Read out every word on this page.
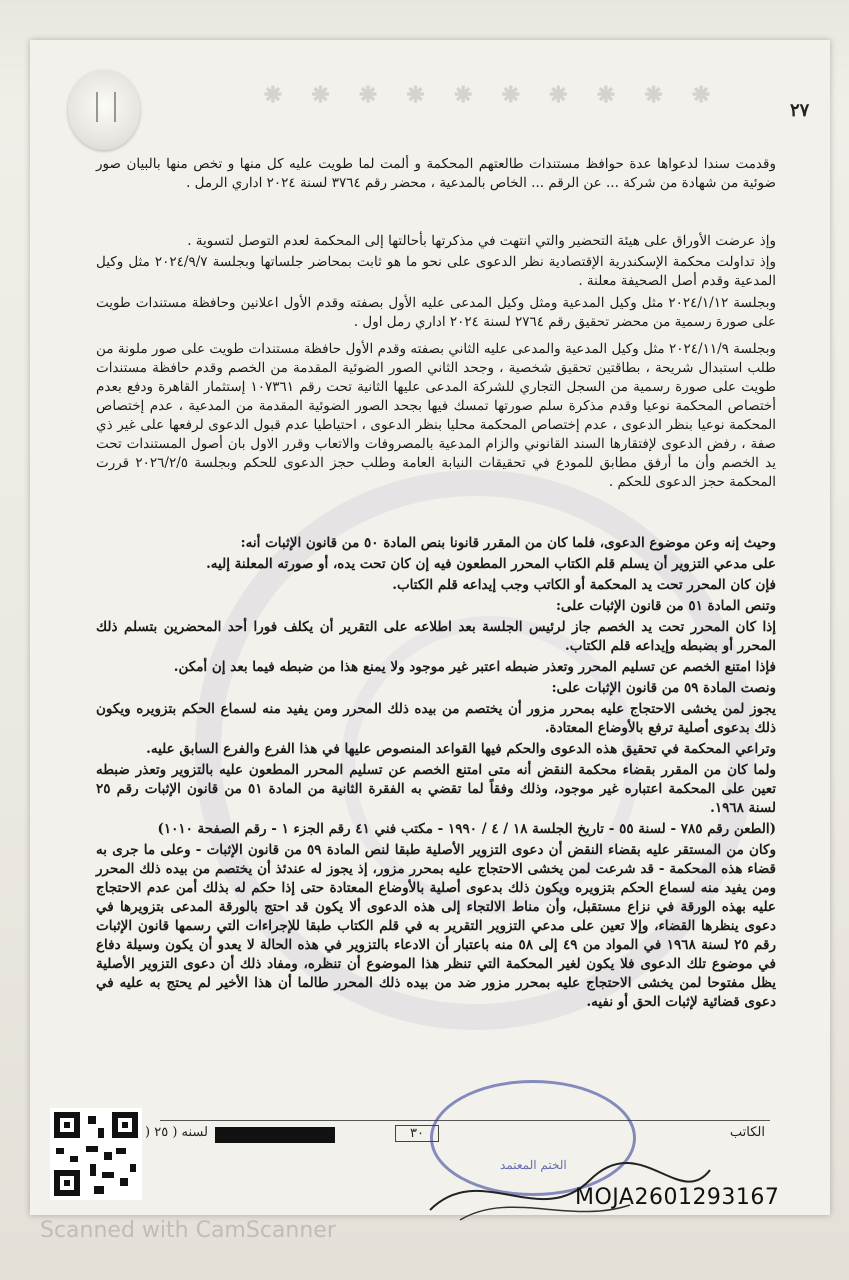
⁕ ⁕ ⁕ ⁕ ⁕ ⁕ ⁕ ⁕ ⁕ ⁕	٢٧

وقدمت سندا لدعواها عدة حوافظ مستندات طالعتهم المحكمة و ألمت لما طويت عليه كل منها و تخص منها بالبيان صور ضوئية من شهادة من شركة ... عن الرقم ... الخاص بالمدعية ، محضر رقم ٣٧٦٤ لسنة ٢٠٢٤ اداري الرمل .

وإذ عرضت الأوراق على هيئة التحضير والتي انتهت في مذكرتها بأحالتها إلى المحكمة لعدم التوصل لتسوية .

وإذ تداولت محكمة الإسكندرية الإقتصادية نظر الدعوى على نحو ما هو ثابت بمحاضر جلساتها وبجلسة ٢٠٢٤/٩/٧ مثل وكيل المدعية وقدم أصل الصحيفة معلنة .

وبجلسة ٢٠٢٤/١/١٢ مثل وكيل المدعية ومثل وكيل المدعى عليه الأول بصفته وقدم الأول اعلانين وحافظة مستندات طويت على صورة رسمية من محضر تحقيق رقم ٢٧٦٤ لسنة ٢٠٢٤ اداري رمل اول .

وبجلسة ٢٠٢٤/١١/٩ مثل وكيل المدعية والمدعى عليه الثاني بصفته وقدم الأول حافظة مستندات طويت على صور ملونة من طلب استبدال شريحة ، بطاقتين تحقيق شخصية ، وجحد الثاني الصور الضوئية المقدمة من الخصم وقدم حافظة مستندات طويت على صورة رسمية من السجل التجاري للشركة المدعى عليها الثانية تحت رقم ١٠٧٣٦١ إستثمار القاهرة ودفع بعدم أختصاص المحكمة نوعيا وقدم مذكرة سلم صورتها تمسك فيها بجحد الصور الضوئية المقدمة من المدعية ، عدم إختصاص المحكمة نوعيا بنظر الدعوى ، عدم إختصاص المحكمة محليا بنظر الدعوى ، احتياطيا عدم قبول الدعوى لرفعها على غير ذي صفة ، رفض الدعوى لإفتقارها السند القانوني والزام المدعية بالمصروفات والاتعاب وقرر الاول بان أصول المستندات تحت يد الخصم وأن ما أرفق مطابق للمودع في تحقيقات النيابة العامة وطلب حجز الدعوى للحكم وبجلسة ٢٠٢٦/٢/٥ قررت المحكمة حجز الدعوى للحكم .

وحيث إنه وعن موضوع الدعوى، فلما كان من المقرر قانونا بنص المادة ٥٠ من قانون الإثبات أنه:

على مدعي التزوير أن يسلم قلم الكتاب المحرر المطعون فيه إن كان تحت يده، أو صورته المعلنة إليه.

فإن كان المحرر تحت يد المحكمة أو الكاتب وجب إيداعه قلم الكتاب.

وتنص المادة ٥١ من قانون الإثبات على:

إذا كان المحرر تحت يد الخصم جاز لرئيس الجلسة بعد اطلاعه على التقرير أن يكلف فورا أحد المحضرين بتسلم ذلك المحرر أو بضبطه وإيداعه قلم الكتاب.

فإذا امتنع الخصم عن تسليم المحرر وتعذر ضبطه اعتبر غير موجود ولا يمنع هذا من ضبطه فيما بعد إن أمكن.

ونصت المادة ٥٩ من قانون الإثبات على:

يجوز لمن يخشى الاحتجاج عليه بمحرر مزور أن يختصم من بيده ذلك المحرر ومن يفيد منه لسماع الحكم بتزويره ويكون ذلك بدعوى أصلية ترفع بالأوضاع المعتادة.

وتراعي المحكمة في تحقيق هذه الدعوى والحكم فيها القواعد المنصوص عليها في هذا الفرع والفرع السابق عليه.

ولما كان من المقرر بقضاء محكمة النقض أنه متى امتنع الخصم عن تسليم المحرر المطعون عليه بالتزوير وتعذر ضبطه تعين على المحكمة اعتباره غير موجود، وذلك وفقاً لما تقضي به الفقرة الثانية من المادة ٥١ من قانون الإثبات رقم ٢٥ لسنة ١٩٦٨.

(الطعن رقم ٧٨٥ - لسنة ٥٥ - تاريخ الجلسة ١٨ / ٤ / ١٩٩٠ - مكتب فني ٤١ رقم الجزء ١ - رقم الصفحة ١٠١٠)

وكان من المستقر عليه بقضاء النقض أن دعوى التزوير الأصلية طبقا لنص المادة ٥٩ من قانون الإثبات - وعلى ما جرى به قضاء هذه المحكمة - قد شرعت لمن يخشى الاحتجاج عليه بمحرر مزور، إذ يجوز له عندئذ أن يختصم من بيده ذلك المحرر ومن يفيد منه لسماع الحكم بتزويره ويكون ذلك بدعوى أصلية بالأوضاع المعتادة حتى إذا حكم له بذلك أمن عدم الاحتجاج عليه بهذه الورقة في نزاع مستقبل، وأن مناط الالتجاء إلى هذه الدعوى ألا يكون قد احتج بالورقة المدعى بتزويرها في دعوى ينظرها القضاء، وإلا تعين على مدعي التزوير التقرير به في قلم الكتاب طبقا للإجراءات التي رسمها قانون الإثبات رقم ٢٥ لسنة ١٩٦٨ في المواد من ٤٩ إلى ٥٨ منه باعتبار أن الادعاء بالتزوير في هذه الحالة لا يعدو أن يكون وسيلة دفاع في موضوع تلك الدعوى فلا يكون لغير المحكمة التي تنظر هذا الموضوع أن تنظره، ومفاد ذلك أن دعوى التزوير الأصلية يظل مفتوحا لمن يخشى الاحتجاج عليه بمحرر مزور ضد من بيده ذلك المحرر طالما أن هذا الأخير لم يحتج به عليه في دعوى قضائية لإثبات الحق أو نفيه.

الكاتب
٣٠
) لسنه ( ٢٥
الختم المعتمد
MOJA2601293167
Scanned with CamScanner
